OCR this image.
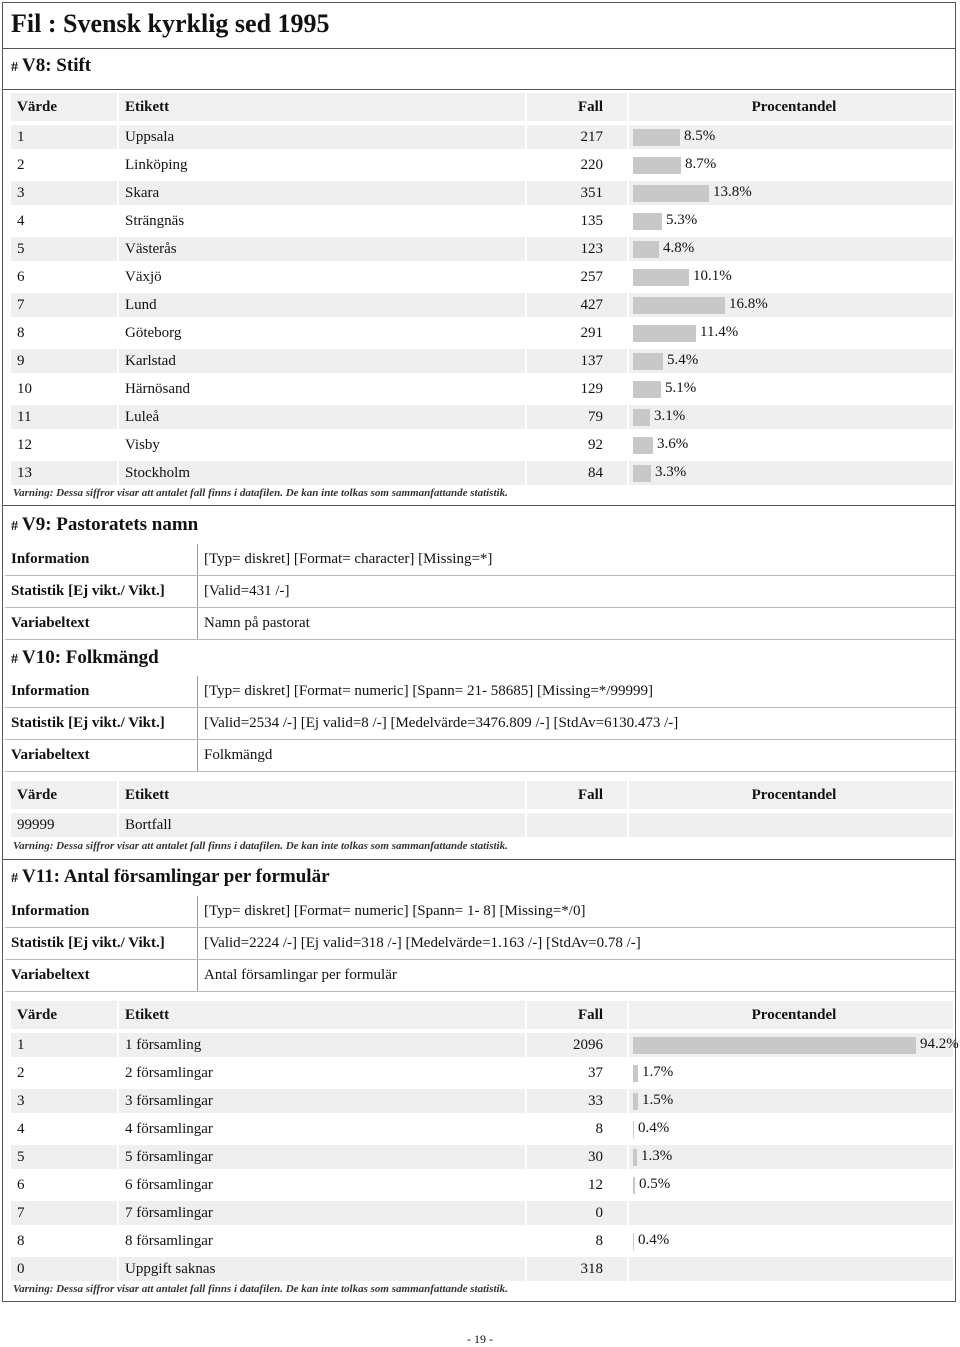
Fil : Svensk kyrklig sed 1995
# V8: Stift
Värde	Etikett	Fall	Procentandel
1	Uppsala	217	8.5%

2	Linköping	220	8.7%

3	Skara	351	13.8%

4	Strängnäs	135	5.3%

5	Västerås	123	4.8%

6	Växjö	257	10.1%

7	Lund	427	16.8%

8	Göteborg	291	11.4%

9	Karlstad	137	5.4%

10	Härnösand	129	5.1%

11	Luleå	79	3.1%

12	Visby	92	3.6%

13	Stockholm	84	3.3%
Varning: Dessa siffror visar att antalet fall finns i datafilen. De kan inte tolkas som sammanfattande statistik.
# V9: Pastoratets namn
Information	[Typ= diskret] [Format= character] [Missing=*]
Statistik [Ej vikt./ Vikt.]	[Valid=431 /-]
Variabeltext	Namn på pastorat
# V10: Folkmängd
Information	[Typ= diskret] [Format= numeric] [Spann= 21- 58685] [Missing=*/99999]
Statistik [Ej vikt./ Vikt.]	[Valid=2534 /-] [Ej valid=8 /-] [Medelvärde=3476.809 /-] [StdAv=6130.473 /-]
Variabeltext	Folkmängd
Värde	Etikett	Fall	Procentandel
99999	Bortfall		
Varning: Dessa siffror visar att antalet fall finns i datafilen. De kan inte tolkas som sammanfattande statistik.
# V11: Antal församlingar per formulär
Information	[Typ= diskret] [Format= numeric] [Spann= 1- 8] [Missing=*/0]
Statistik [Ej vikt./ Vikt.]	[Valid=2224 /-] [Ej valid=318 /-] [Medelvärde=1.163 /-] [StdAv=0.78 /-]
Variabeltext	Antal församlingar per formulär
Värde	Etikett	Fall	Procentandel
1	1 församling	2096	94.2%

2	2 församlingar	37	1.7%

3	3 församlingar	33	1.5%

4	4 församlingar	8	0.4%

5	5 församlingar	30	1.3%

6	6 församlingar	12	0.5%

7	7 församlingar	0	
8	8 församlingar	8	0.4%

0	Uppgift saknas	318	
Varning: Dessa siffror visar att antalet fall finns i datafilen. De kan inte tolkas som sammanfattande statistik.
- 19 -
